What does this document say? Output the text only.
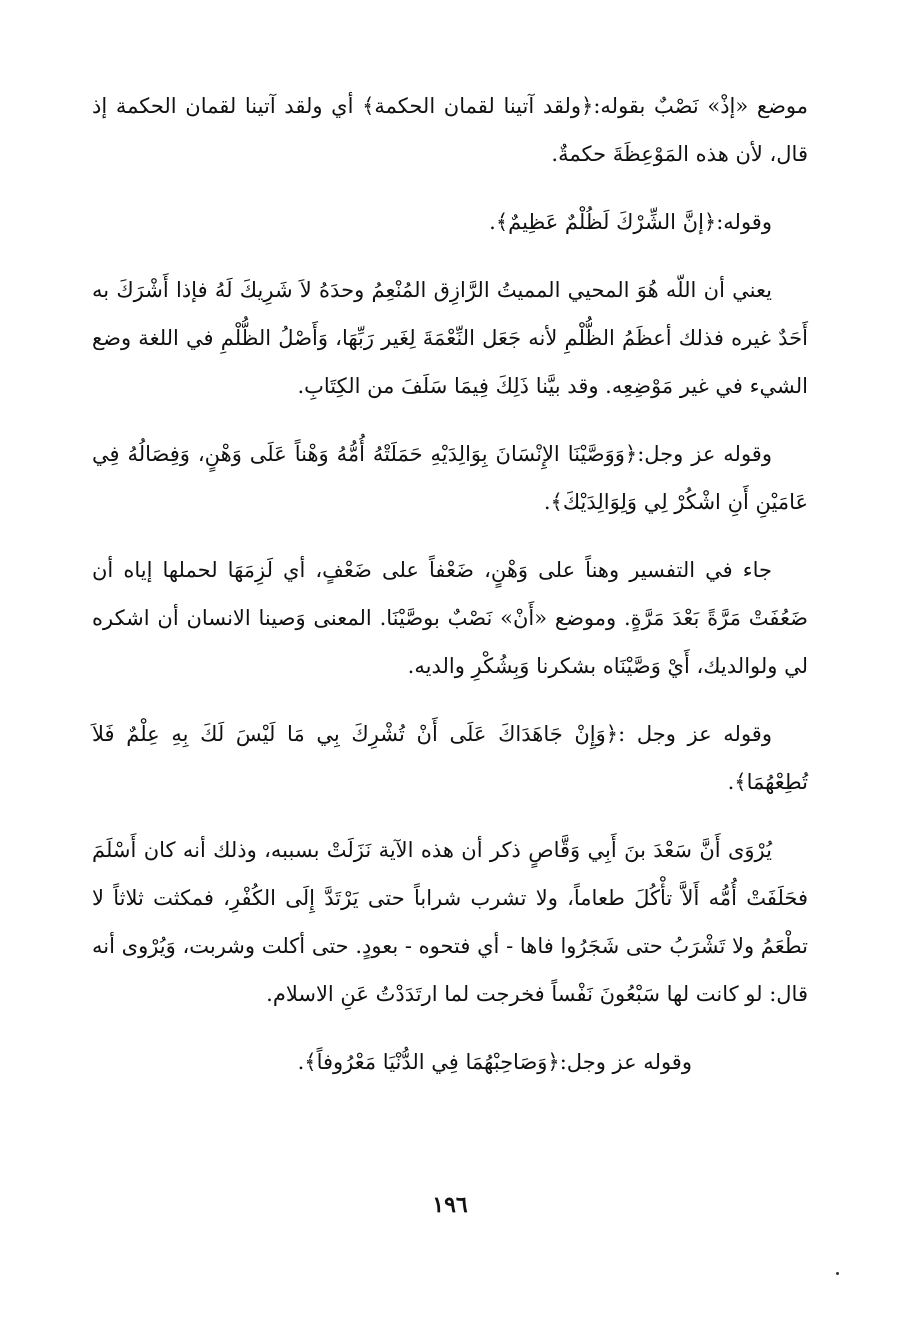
موضع «إذْ» نَصْبٌ بقوله:﴿ولقد آتينا لقمان الحكمة﴾ أي ولقد آتينا لقمان الحكمة إذ قال، لأن هذه المَوْعِظَةَ حكمةٌ.

وقوله:﴿إنَّ الشِّرْكَ لَظُلْمٌ عَظِيمٌ﴾.

يعني أن اللّه هُوَ المحيي المميتُ الرَّازِق المُنْعِمُ وحدَهُ لاَ شَرِيكَ لَهُ فإذا أَشْرَكَ به أَحَدٌ غيره فذلك أعظَمُ الظُّلْمِ لأنه جَعَل النِّعْمَةَ لِغَير رَبِّهَا، وَأَصْلُ الظُّلْمِ في اللغة وضع الشيء في غير مَوْضِعِه. وقد بيَّنا ذَلِكَ فِيمَا سَلَفَ من الكِتَابِ.

وقوله عز وجل:﴿وَوَصَّيْنَا الإِنْسَانَ بِوَالِدَيْهِ حَمَلَتْهُ أُمُّهُ وَهْناً عَلَى وَهْنٍ، وَفِصَالُهُ فِي عَامَيْنِ أَنِ اشْكُرْ لِي وَلِوَالِدَيْكَ﴾.

جاء في التفسير وهناً على وَهْنٍ، ضَعْفاً على ضَعْفٍ، أي لَزِمَهَا لحملها إياه أن ضَعُفَتْ مَرَّةً بَعْدَ مَرَّةٍ. وموضع «أَنْ» نَصْبٌ بوصَّيْنَا. المعنى وَصينا الانسان أن اشكره لي ولوالديك، أَيْ وَصَّيْنَاه بشكرنا وَبِشُكْرِ والديه.

وقوله عز وجل :﴿وَإِنْ جَاهَدَاكَ عَلَى أَنْ تُشْرِكَ بِي مَا لَيْسَ لَكَ بِهِ عِلْمٌ فَلاَ تُطِعْهُمَا﴾.

يُرْوَى أَنَّ سَعْدَ بنَ أَبِي وَقَّاصٍ ذكر أن هذه الآية نَزَلَتْ بسببه، وذلك أنه كان أَسْلَمَ فحَلَفَتْ أُمُّه أَلاَّ تأْكُلَ طعاماً، ولا تشرب شراباً حتى يَرْتَدَّ إِلَى الكُفْرِ، فمكثت ثلاثاً لا تطْعَمُ ولا تَشْرَبُ حتى شَجَرُوا فاها - أي فتحوه - بعودٍ. حتى أكلت وشربت، وَيُرْوى أنه قال: لو كانت لها سَبْعُونَ نَفْساً فخرجت لما ارتَدَدْتُ عَنِ الاسلام.

وقوله عز وجل:﴿وَصَاحِبْهُمَا فِي الدُّنْيَا مَعْرُوفاً﴾.

١٩٦
